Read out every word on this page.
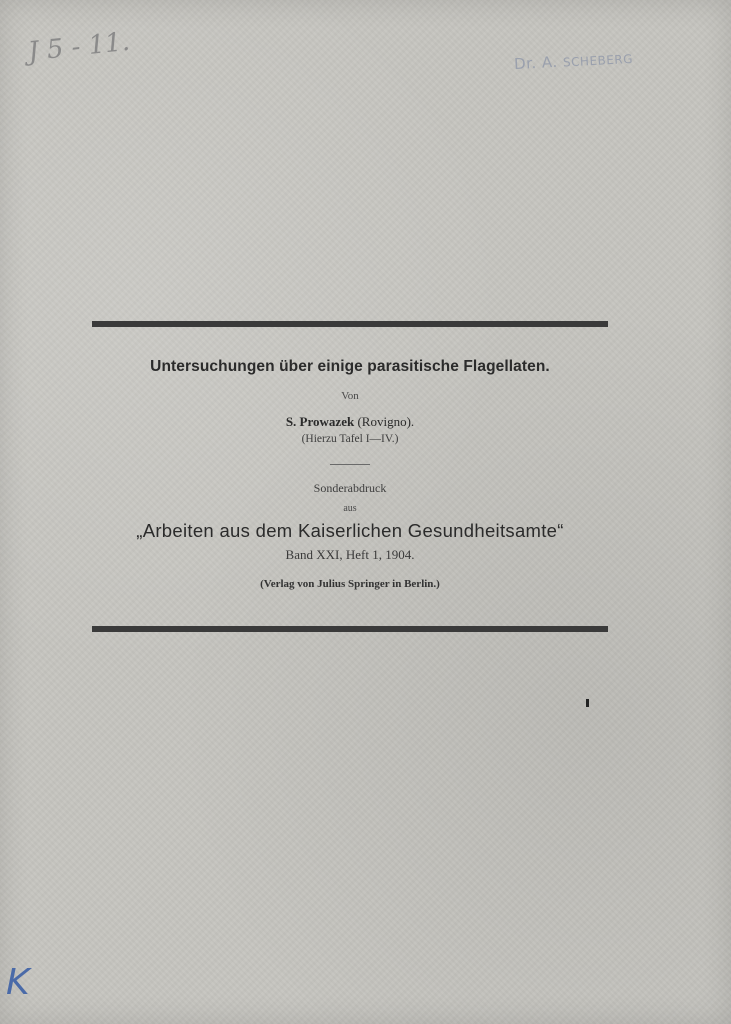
J 5 - 11.	Dr. A. SCHEBERG
Untersuchungen über einige parasitische Flagellaten.
Von
S. Prowazek (Rovigno).
(Hierzu Tafel I—IV.)
Sonderabdruck
aus
„Arbeiten aus dem Kaiserlichen Gesundheitsamte“
Band XXI, Heft 1, 1904.
(Verlag von Julius Springer in Berlin.)
K
